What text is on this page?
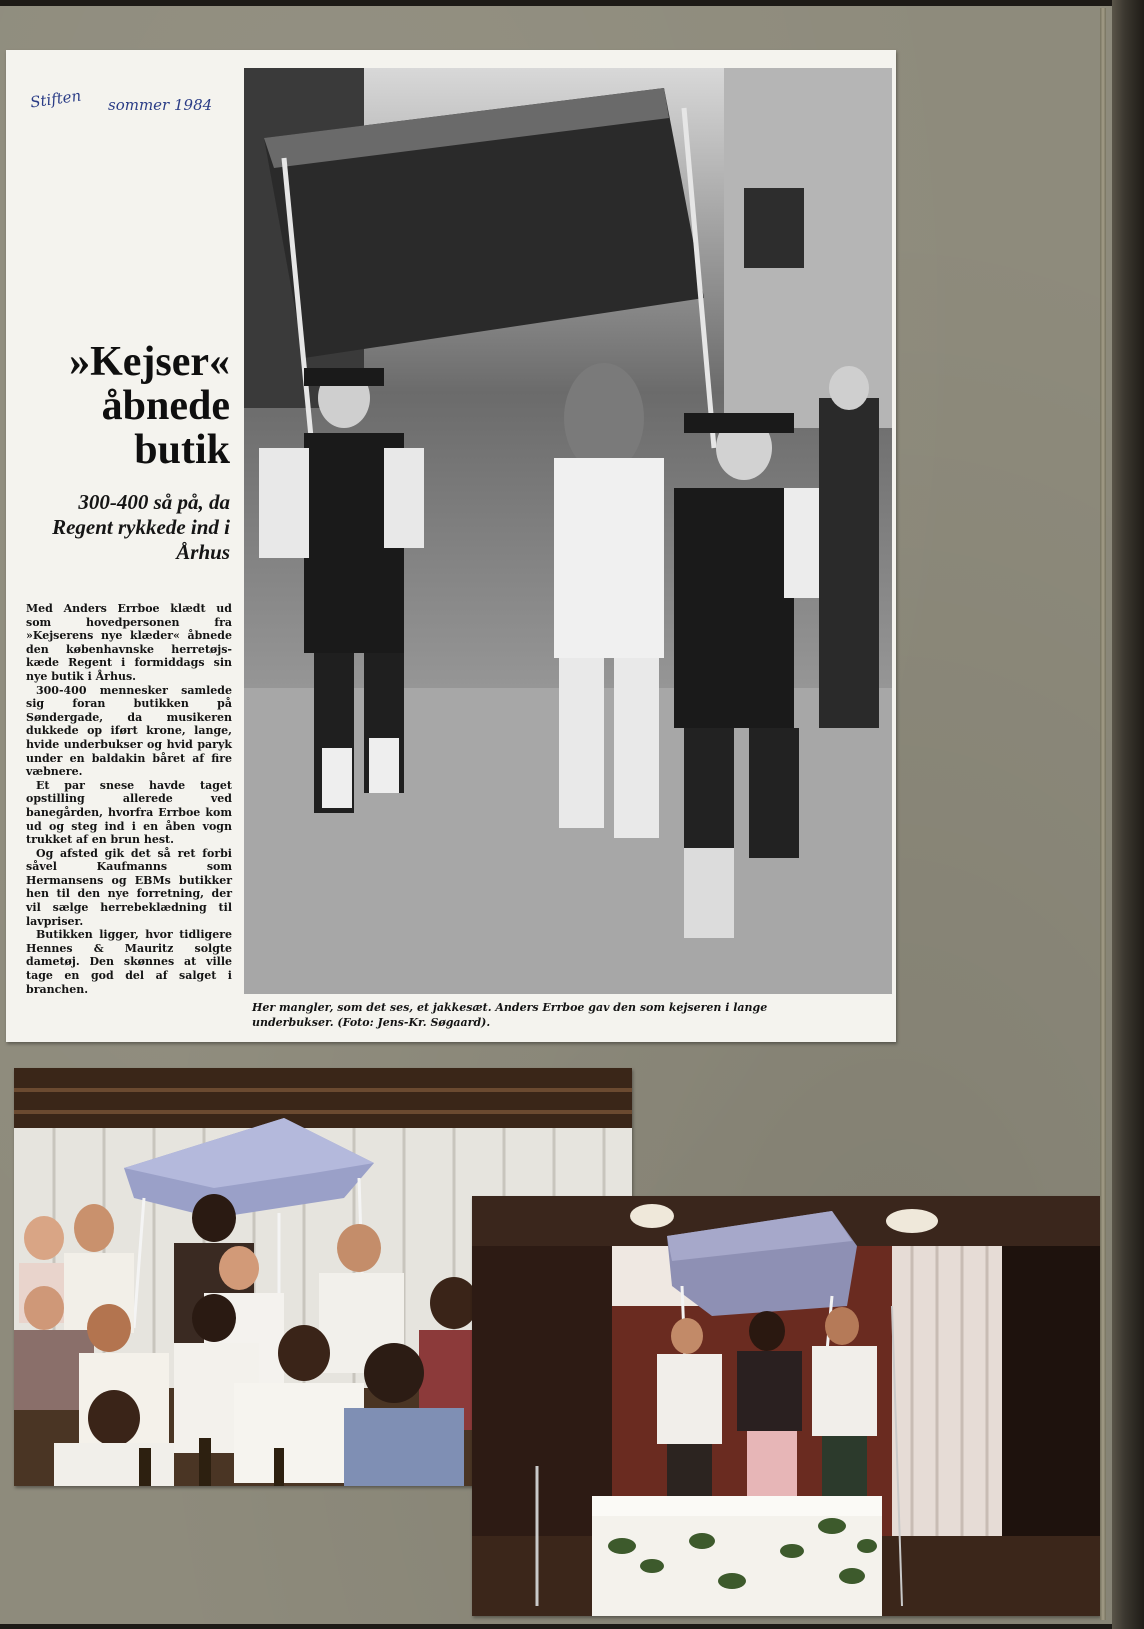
Stiften sommer 1984
»Kejser« åbnede butik
300-400 så på, da Regent rykkede ind i Århus

Med Anders Errboe klædt ud som hovedpersonen fra »Kejserens nye klæder« åbnede den københavnske herretøjs-kæde Regent i formiddags sin nye butik i Århus.

300-400 mennesker samlede sig foran butikken på Søndergade, da musikeren dukkede op iført krone, lange, hvide underbukser og hvid paryk under en baldakin båret af fire væbnere.

Et par snese havde taget opstilling allerede ved banegården, hvorfra Errboe kom ud og steg ind i en åben vogn trukket af en brun hest.

Og afsted gik det så ret forbi såvel Kaufmanns som Hermansens og EBMs butikker hen til den nye forretning, der vil sælge herrebeklædning til lavpriser.

Butikken ligger, hvor tidligere Hennes & Mauritz solgte dametøj. Den skønnes at ville tage en god del af salget i branchen.

Her mangler, som det ses, et jakkesæt. Anders Errboe gav den som kejseren i lange underbukser. (Foto: Jens-Kr. Søgaard).
